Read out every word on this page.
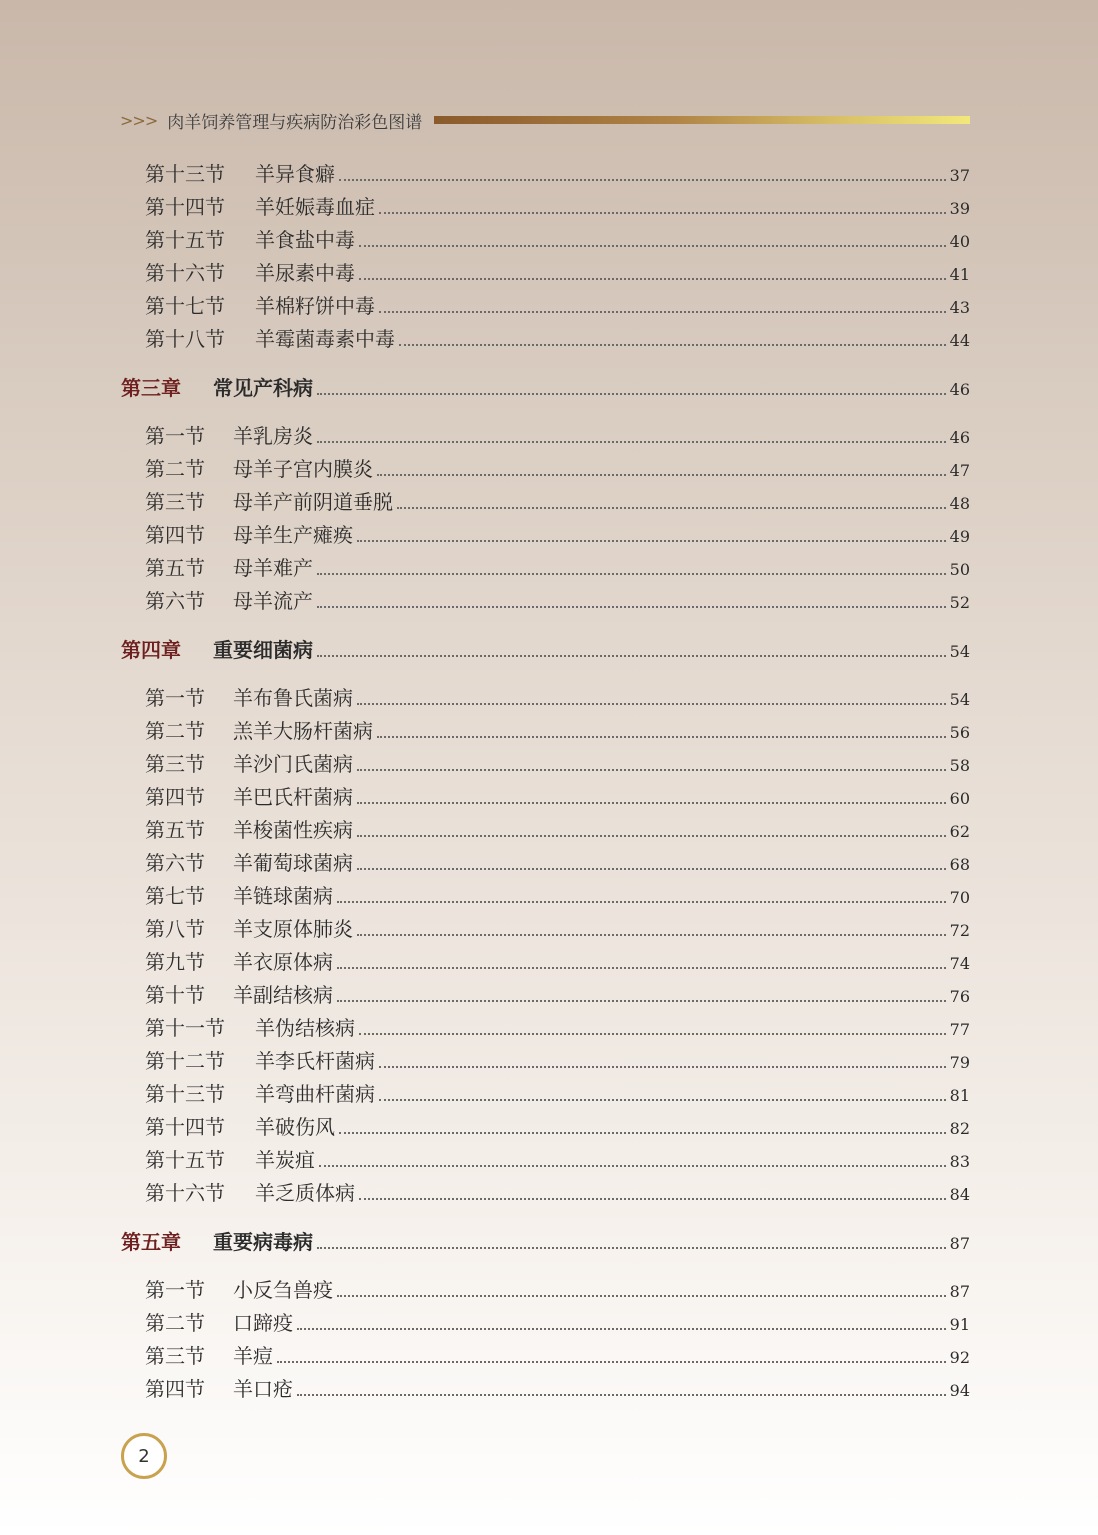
>>> 肉羊饲养管理与疾病防治彩色图谱
第十三节	羊异食癖	37
第十四节	羊妊娠毒血症	39
第十五节	羊食盐中毒	40
第十六节	羊尿素中毒	41
第十七节	羊棉籽饼中毒	43
第十八节	羊霉菌毒素中毒	44
第三章	常见产科病	46
第一节	羊乳房炎	46
第二节	母羊子宫内膜炎	47
第三节	母羊产前阴道垂脱	48
第四节	母羊生产瘫痪	49
第五节	母羊难产	50
第六节	母羊流产	52
第四章	重要细菌病	54
第一节	羊布鲁氏菌病	54
第二节	羔羊大肠杆菌病	56
第三节	羊沙门氏菌病	58
第四节	羊巴氏杆菌病	60
第五节	羊梭菌性疾病	62
第六节	羊葡萄球菌病	68
第七节	羊链球菌病	70
第八节	羊支原体肺炎	72
第九节	羊衣原体病	74
第十节	羊副结核病	76
第十一节	羊伪结核病	77
第十二节	羊李氏杆菌病	79
第十三节	羊弯曲杆菌病	81
第十四节	羊破伤风	82
第十五节	羊炭疽	83
第十六节	羊乏质体病	84
第五章	重要病毒病	87
第一节	小反刍兽疫	87
第二节	口蹄疫	91
第三节	羊痘	92
第四节	羊口疮	94
2
